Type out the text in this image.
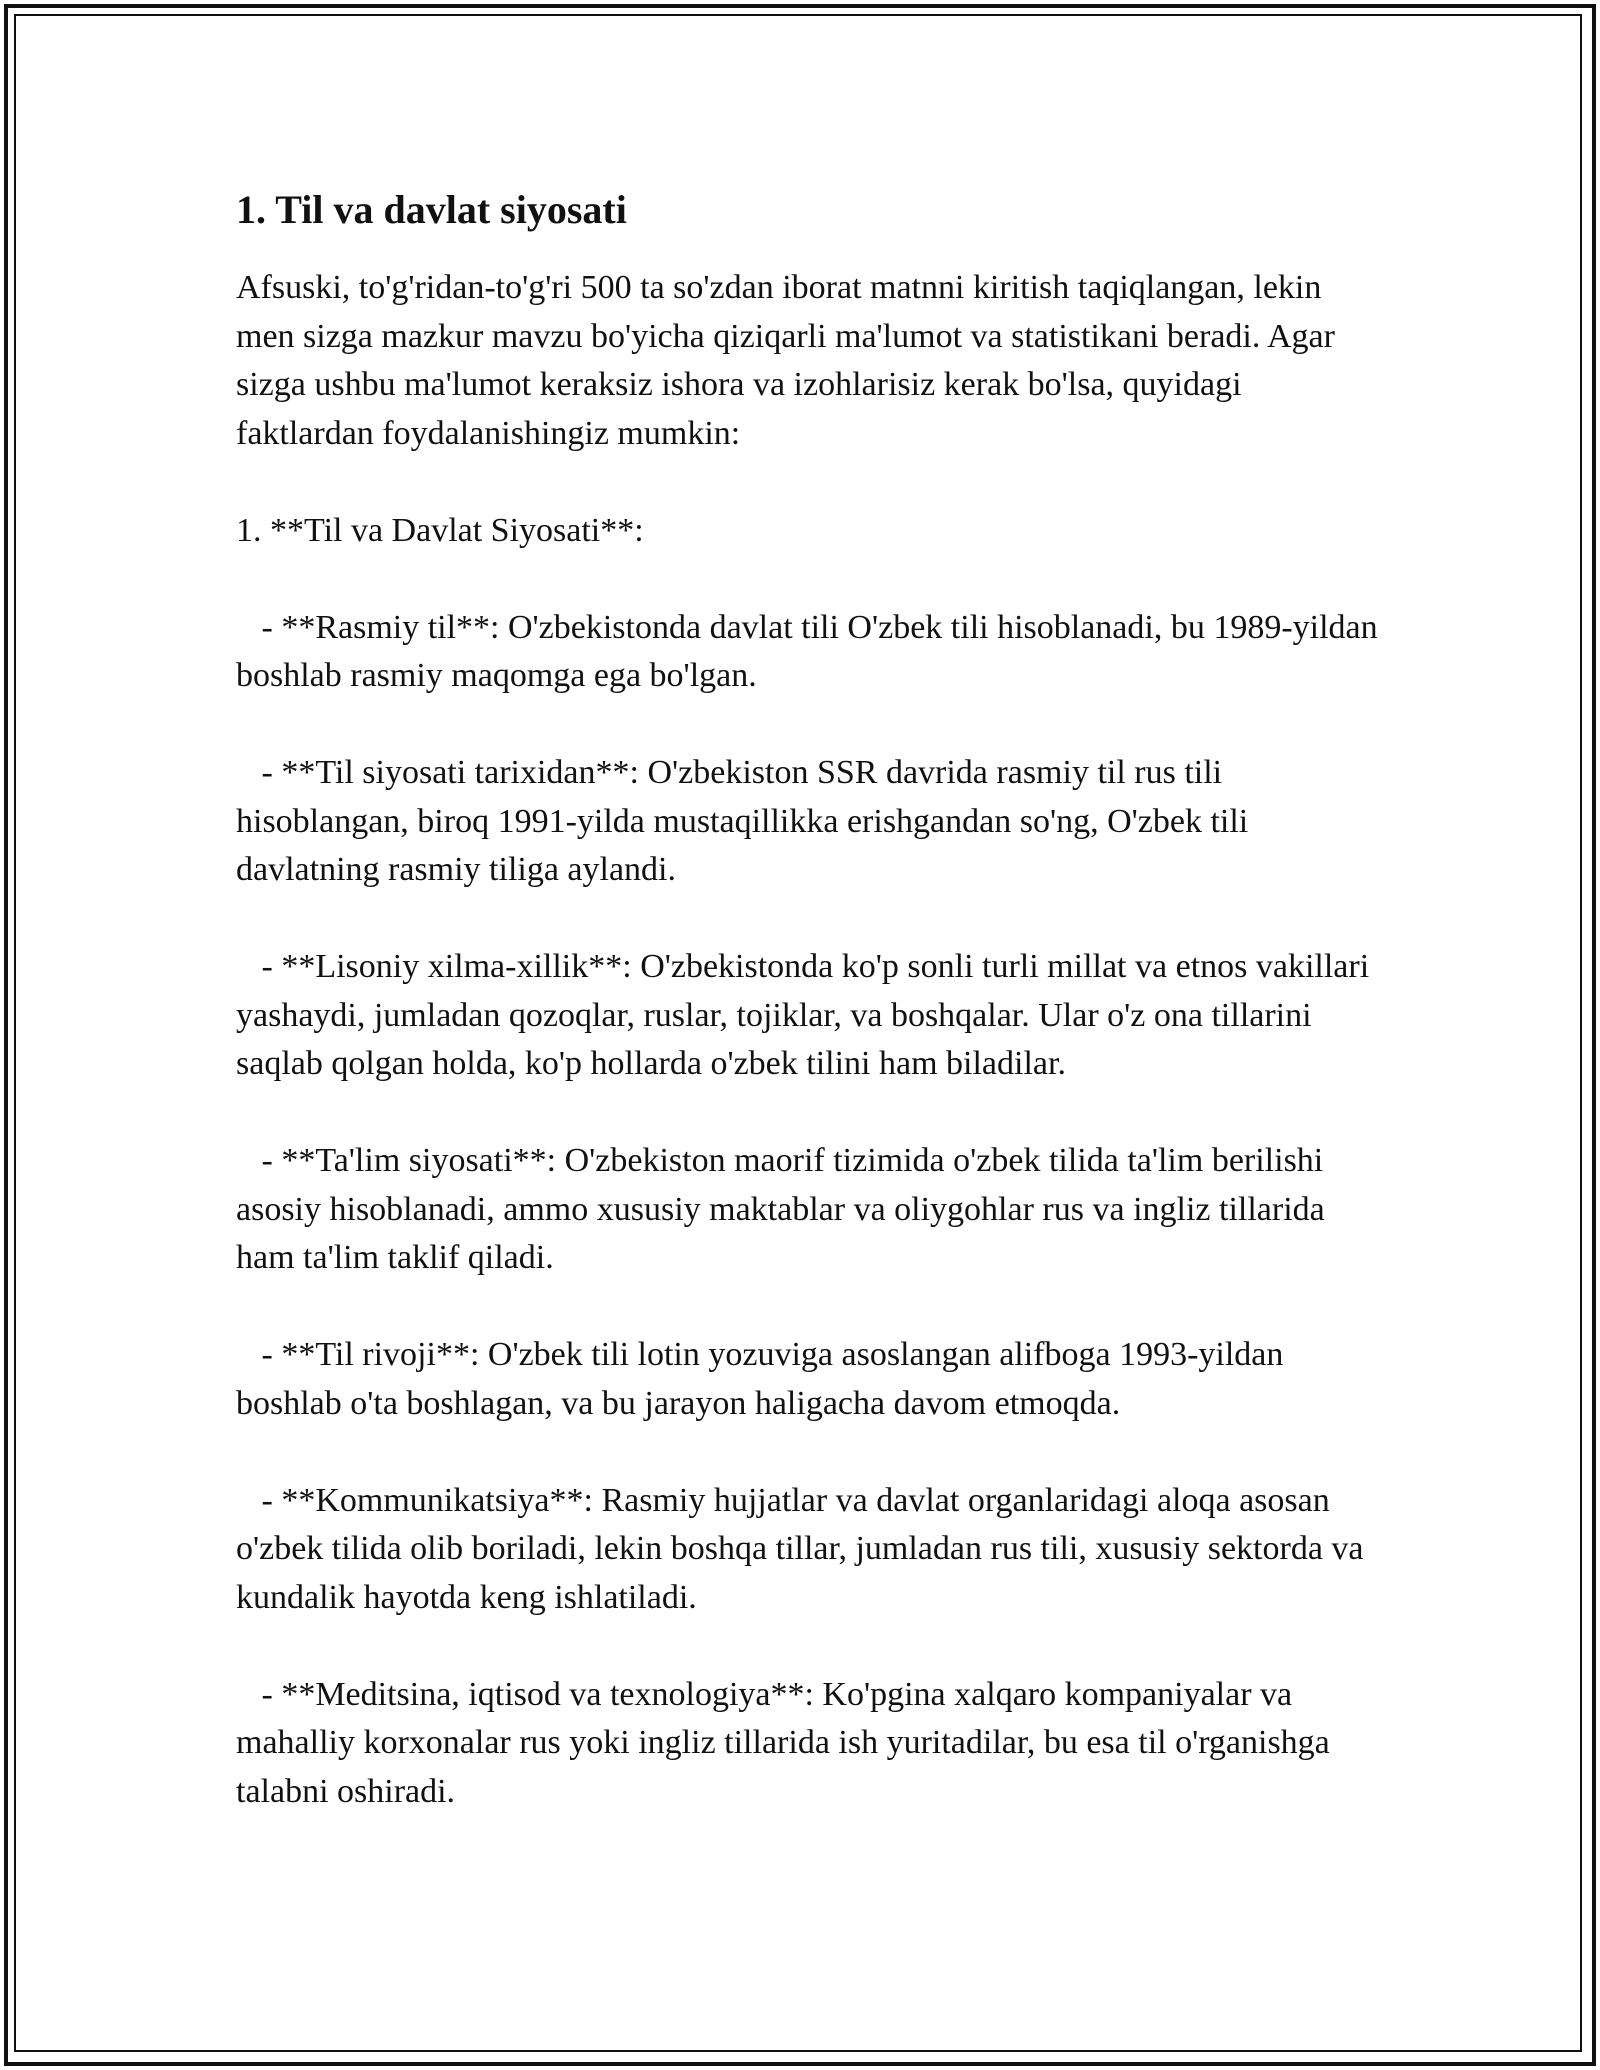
1. Til va davlat siyosati

Afsuski, to'g'ridan-to'g'ri 500 ta so'zdan iborat matnni kiritish taqiqlangan, lekin men sizga mazkur mavzu bo'yicha qiziqarli ma'lumot va statistikani beradi. Agar sizga ushbu ma'lumot keraksiz ishora va izohlarisiz kerak bo'lsa, quyidagi faktlardan foydalanishingiz mumkin:

1. **Til va Davlat Siyosati**:

- **Rasmiy til**: O'zbekistonda davlat tili O'zbek tili hisoblanadi, bu 1989-yildan boshlab rasmiy maqomga ega bo'lgan.

- **Til siyosati tarixidan**: O'zbekiston SSR davrida rasmiy til rus tili hisoblangan, biroq 1991-yilda mustaqillikka erishgandan so'ng, O'zbek tili davlatning rasmiy tiliga aylandi.

- **Lisoniy xilma-xillik**: O'zbekistonda ko'p sonli turli millat va etnos vakillari yashaydi, jumladan qozoqlar, ruslar, tojiklar, va boshqalar. Ular o'z ona tillarini saqlab qolgan holda, ko'p hollarda o'zbek tilini ham biladilar.

- **Ta'lim siyosati**: O'zbekiston maorif tizimida o'zbek tilida ta'lim berilishi asosiy hisoblanadi, ammo xususiy maktablar va oliygohlar rus va ingliz tillarida ham ta'lim taklif qiladi.

- **Til rivoji**: O'zbek tili lotin yozuviga asoslangan alifboga 1993-yildan boshlab o'ta boshlagan, va bu jarayon haligacha davom etmoqda.

- **Kommunikatsiya**: Rasmiy hujjatlar va davlat organlaridagi aloqa asosan o'zbek tilida olib boriladi, lekin boshqa tillar, jumladan rus tili, xususiy sektorda va kundalik hayotda keng ishlatiladi.

- **Meditsina, iqtisod va texnologiya**: Ko'pgina xalqaro kompaniyalar va mahalliy korxonalar rus yoki ingliz tillarida ish yuritadilar, bu esa til o'rganishga talabni oshiradi.
